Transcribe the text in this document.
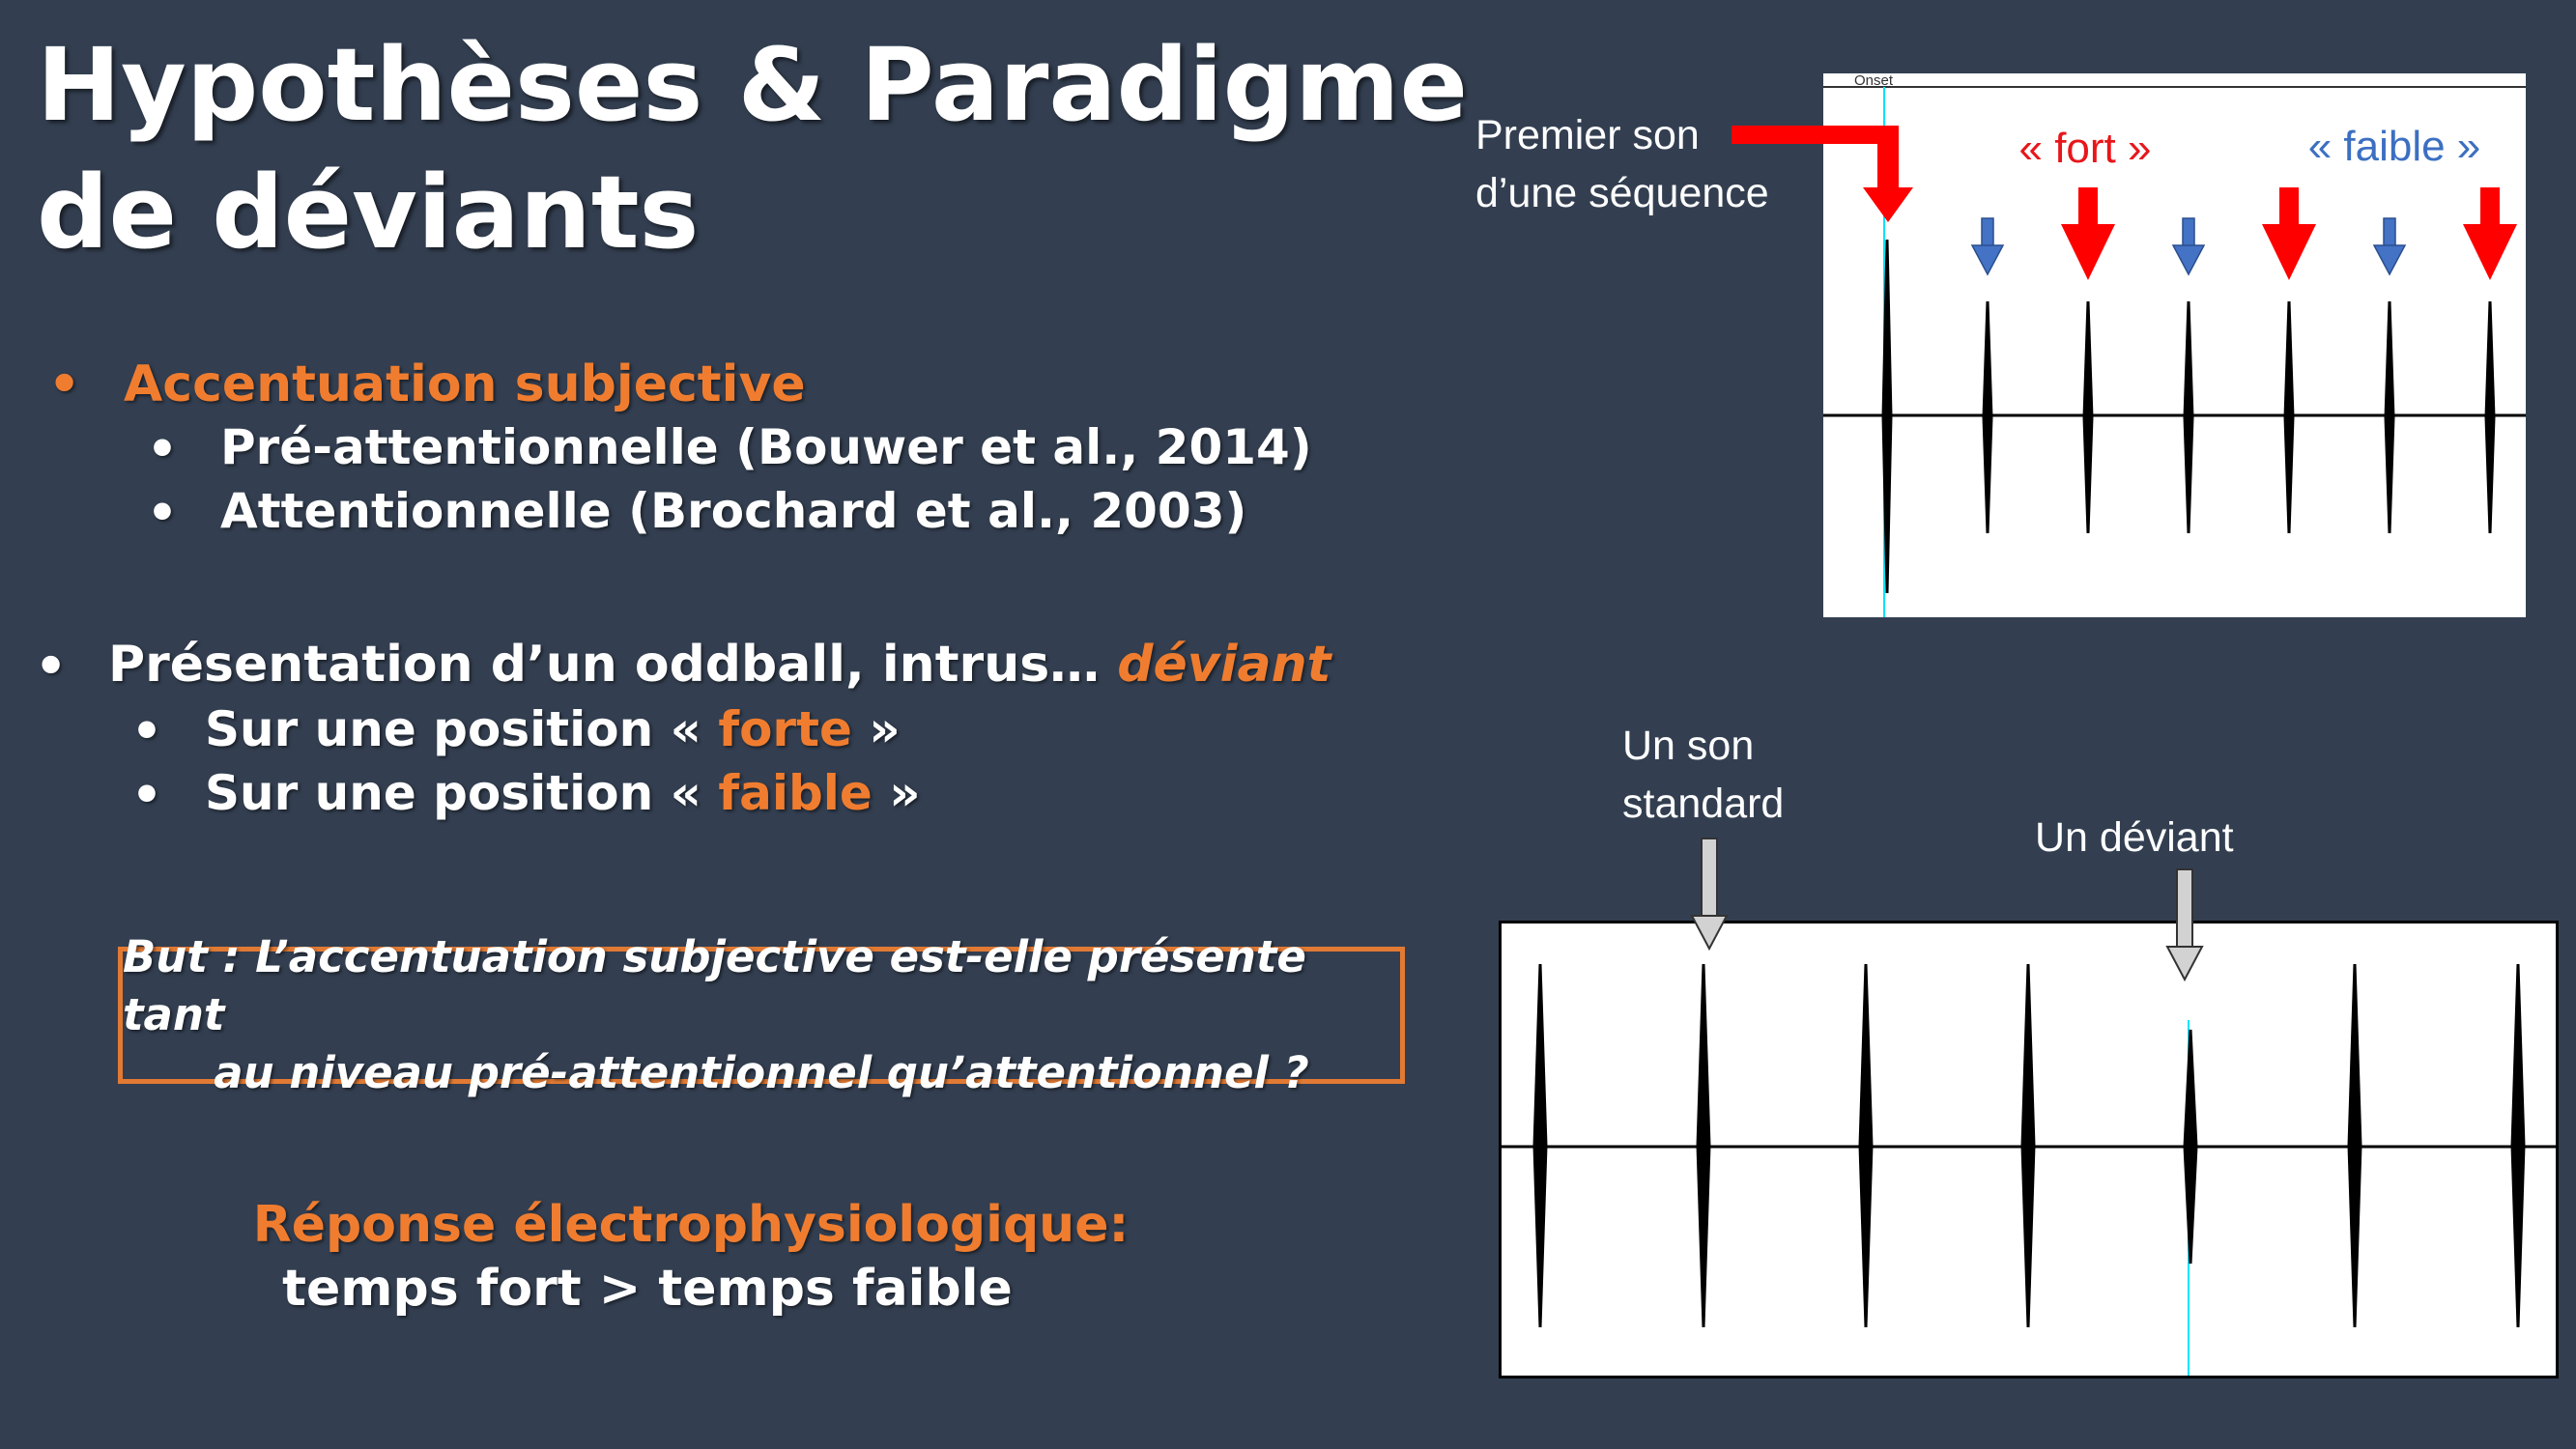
Hypothèses & Paradigme
de déviants
• Accentuation subjective
• Pré-attentionnelle (Bouwer et al., 2014)
• Attentionnelle (Brochard et al., 2003)
• Présentation d’un oddball, intrus… déviant
• Sur une position « forte »
• Sur une position « faible »
But : L’accentuation subjective est-elle présente tant
au niveau pré-attentionnel qu’attentionnel ?
Réponse électrophysiologique:
temps fort > temps faible
Premier son
d’une séquence
Onset
« fort »	« faible »
Un son
standard
Un déviant
